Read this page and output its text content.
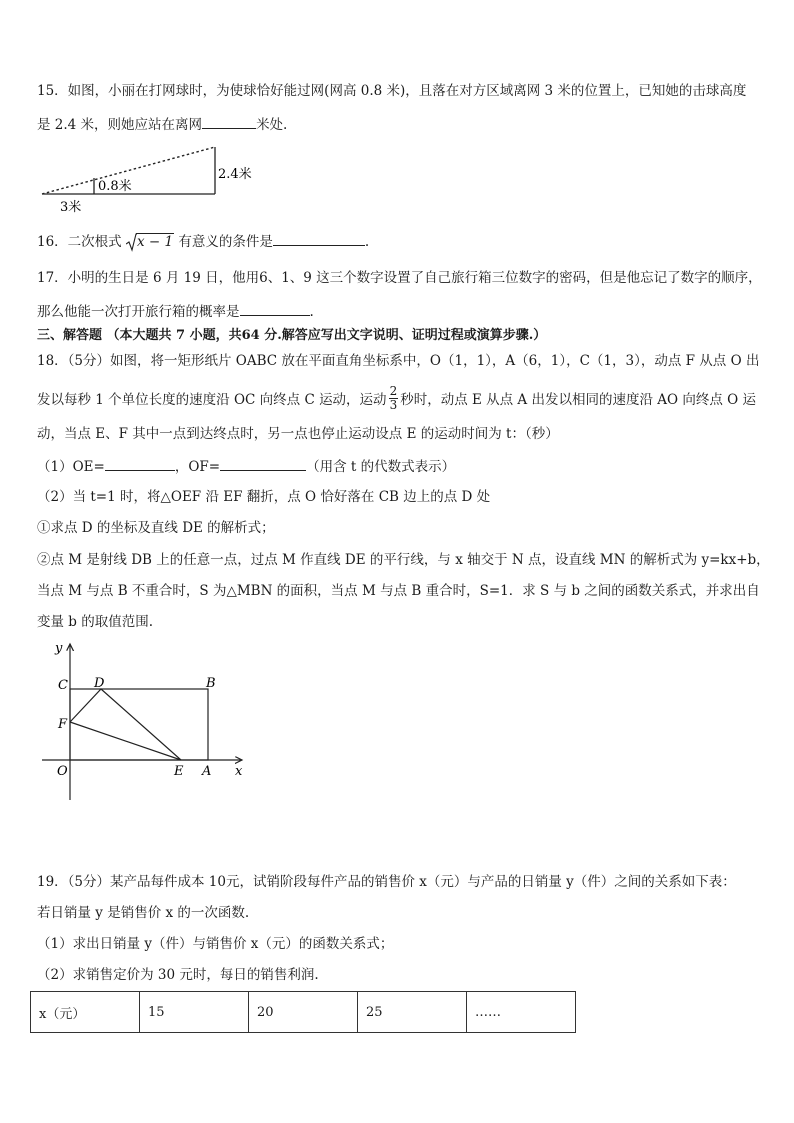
15．如图，小丽在打网球时，为使球恰好能过网(网高 0.8 米)，且落在对方区域离网 3 米的位置上，已知她的击球高度
是 2.4 米，则她应站在离网	米处.
2.4米
0.8米
3米
16．二次根式 x − 1 有意义的条件是	.
17．小明的生日是 6 月 19 日，他用6、1、9 这三个数字设置了自己旅行箱三位数字的密码，但是他忘记了数字的顺序，
那么他能一次打开旅行箱的概率是	.
三、解答题 （本大题共 7 小题，共64 分.解答应写出文字说明、证明过程或演算步骤.）
18．（5分）如图，将一矩形纸片 OABC 放在平面直角坐标系中，O（1，1），A（6，1），C（1，3），动点 F 从点 O 出
发以每秒 1 个单位长度的速度沿 OC 向终点 C 运动，运动 $\frac{2}{3}$ 秒时，动点 E 从点 A 出发以相同的速度沿 AO 向终点 O 运
动，当点 E、F 其中一点到达终点时，另一点也停止运动设点 E 的运动时间为 t：（秒）
（1）OE=	，OF=	（用含 t 的代数式表示）
（2）当 t=1 时，将△OEF 沿 EF 翻折，点 O 恰好落在 CB 边上的点 D 处
①求点 D 的坐标及直线 DE 的解析式；
②点 M 是射线 DB 上的任意一点，过点 M 作直线 DE 的平行线，与 x 轴交于 N 点，设直线 MN 的解析式为 y=kx+b，
当点 M 与点 B 不重合时，S 为△MBN 的面积，当点 M 与点 B 重合时，S=1．求 S 与 b 之间的函数关系式，并求出自
变量 b 的取值范围.
y
x
C D	B
F
O	E A
19．（5分）某产品每件成本 10元，试销阶段每件产品的销售价 x（元）与产品的日销量 y（件）之间的关系如下表：
若日销量 y 是销售价 x 的一次函数.
（1）求出日销量 y（件）与销售价 x（元）的函数关系式；
（2）求销售定价为 30 元时，每日的销售利润.
x（元）	15	20	25	……
